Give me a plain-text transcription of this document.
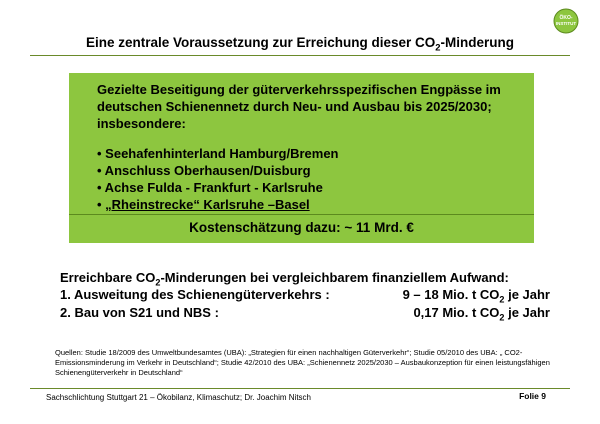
Eine zentrale Voraussetzung zur Erreichung dieser $CO_2$-Minderung
ÖKO-
INSTITUT
Gezielte Beseitigung der güterverkehrsspezifischen Engpässe im deutschen Schienennetz durch Neu- und Ausbau bis 2025/2030; insbesondere:
• Seehafenhinterland Hamburg/Bremen
• Anschluss Oberhausen/Duisburg
• Achse Fulda - Frankfurt - Karlsruhe
• „Rheinstrecke“ Karlsruhe –Basel
Kostenschätzung dazu: ~ 11 Mrd. €
Erreichbare $CO_2$-Minderungen bei vergleichbarem finanziellem Aufwand:
1. Ausweitung des Schienengüterverkehrs :	9 – 18 Mio. t $CO_2$ je Jahr
2. Bau von S21 und NBS :	0,17 Mio. t $CO_2$ je Jahr
Quellen: Studie 18/2009 des Umweltbundesamtes (UBA): „Strategien für einen nachhaltigen Güterverkehr“; Studie 05/2010 des UBA: „ CO2-Emissionsminderung im Verkehr in Deutschland“; Studie 42/2010 des UBA: „Schienennetz 2025/2030 – Ausbaukonzeption für einen leistungsfähigen Schienengüterverkehr in Deutschland“
Sachschlichtung Stuttgart 21 – Ökobilanz, Klimaschutz; Dr. Joachim Nitsch	Folie 9
